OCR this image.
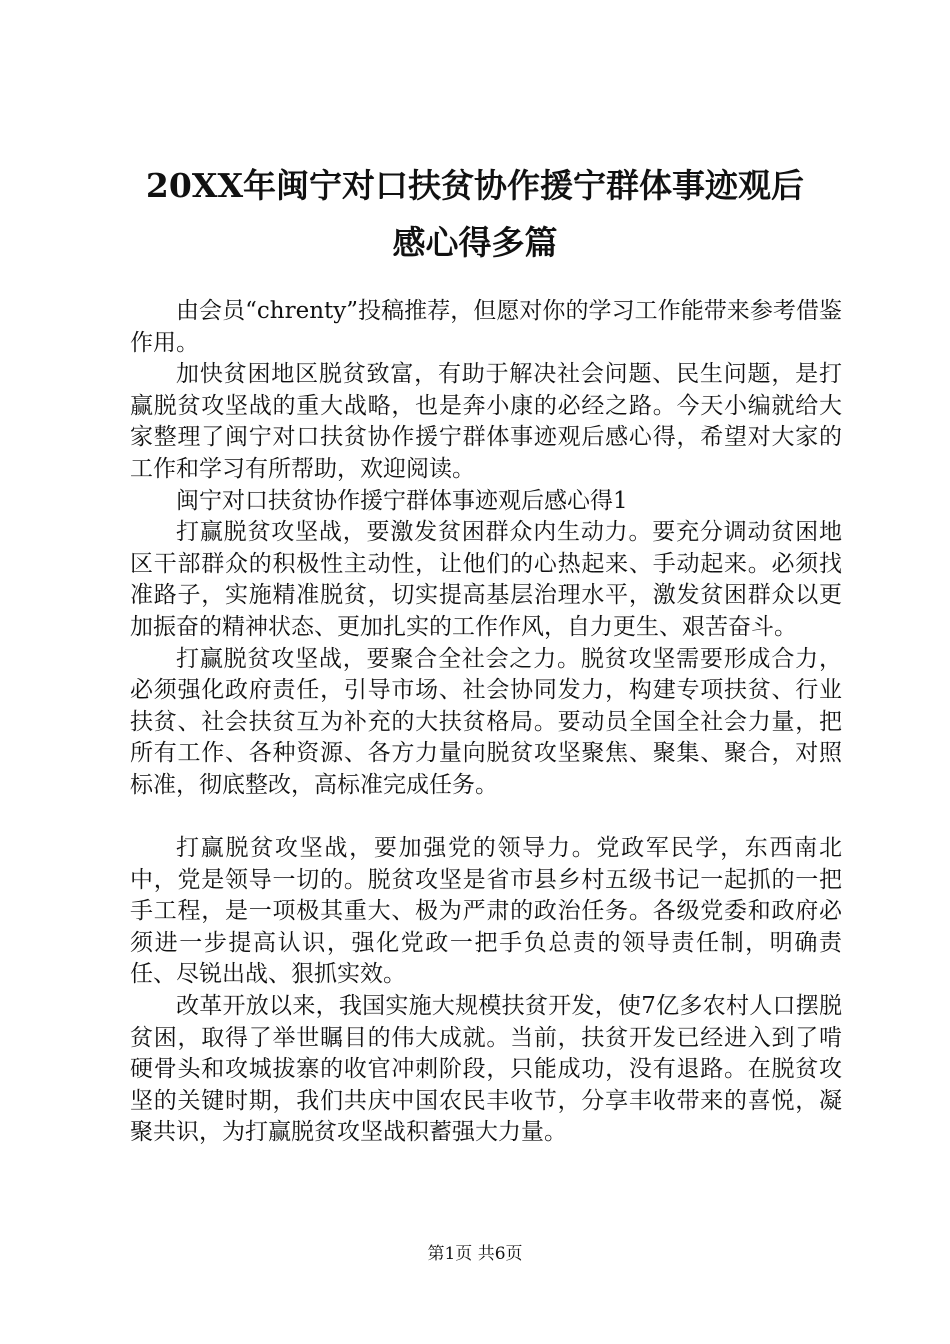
20XX年闽宁对口扶贫协作援宁群体事迹观后
感心得多篇

由会员“chrenty”投稿推荐，但愿对你的学习工作能带来参考借鉴作用。

加快贫困地区脱贫致富，有助于解决社会问题、民生问题，是打赢脱贫攻坚战的重大战略，也是奔小康的必经之路。今天小编就给大家整理了闽宁对口扶贫协作援宁群体事迹观后感心得，希望对大家的工作和学习有所帮助，欢迎阅读。

闽宁对口扶贫协作援宁群体事迹观后感心得1

打赢脱贫攻坚战，要激发贫困群众内生动力。要充分调动贫困地区干部群众的积极性主动性，让他们的心热起来、手动起来。必须找准路子，实施精准脱贫，切实提高基层治理水平，激发贫困群众以更加振奋的精神状态、更加扎实的工作作风，自力更生、艰苦奋斗。

打赢脱贫攻坚战，要聚合全社会之力。脱贫攻坚需要形成合力，必须强化政府责任，引导市场、社会协同发力，构建专项扶贫、行业扶贫、社会扶贫互为补充的大扶贫格局。要动员全国全社会力量，把所有工作、各种资源、各方力量向脱贫攻坚聚焦、聚集、聚合，对照标准，彻底整改，高标准完成任务。

打赢脱贫攻坚战，要加强党的领导力。党政军民学，东西南北中，党是领导一切的。脱贫攻坚是省市县乡村五级书记一起抓的一把手工程，是一项极其重大、极为严肃的政治任务。各级党委和政府必须进一步提高认识，强化党政一把手负总责的领导责任制，明确责任、尽锐出战、狠抓实效。

改革开放以来，我国实施大规模扶贫开发，使7亿多农村人口摆脱贫困，取得了举世瞩目的伟大成就。当前，扶贫开发已经进入到了啃硬骨头和攻城拔寨的收官冲刺阶段，只能成功，没有退路。在脱贫攻坚的关键时期，我们共庆中国农民丰收节，分享丰收带来的喜悦，凝聚共识，为打赢脱贫攻坚战积蓄强大力量。

第1页 共6页
